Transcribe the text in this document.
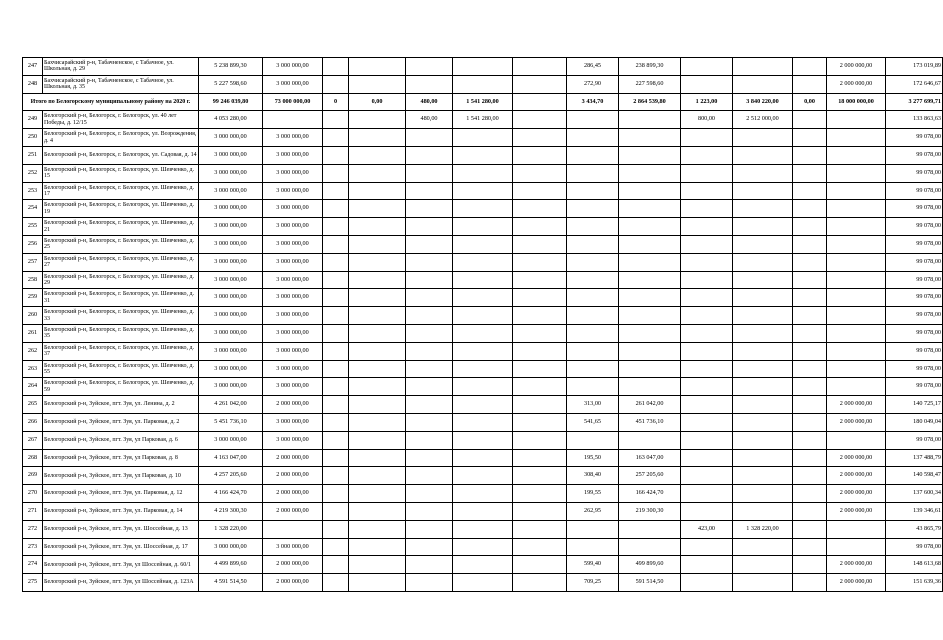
247	Бахчисарайский р-н, Табачненское, с Табачное, ул. Школьная, д. 29	5 238 899,30	3 000 000,00						286,45	238 899,30				2 000 000,00	173 019,89
248	Бахчисарайский р-н, Табачненское, с Табачное, ул. Школьная, д. 35	5 227 598,60	3 000 000,00						272,90	227 598,60				2 000 000,00	172 646,67
Итого по Белогорскому муниципальному району на 2020 г.		99 246 039,80	73 000 000,00	0	0,00	480,00	1 541 280,00		3 434,70	2 864 539,80	1 223,00	3 840 220,00	0,00	18 000 000,00	3 277 699,71
249	Белогорский р-н, Белогорск, г. Белогорск, ул. 40 лет Победы, д. 12/15	4 053 280,00				480,00	1 541 280,00				800,00	2 512 000,00			133 863,63
250	Белогорский р-н, Белогорск, г. Белогорск, ул. Возрождения, д. 4	3 000 000,00	3 000 000,00												99 078,00
251	Белогорский р-н, Белогорск, г. Белогорск, ул. Садовая, д. 14	3 000 000,00	3 000 000,00												99 078,00
252	Белогорский р-н, Белогорск, г. Белогорск, ул. Шевченко, д. 15	3 000 000,00	3 000 000,00												99 078,00
253	Белогорский р-н, Белогорск, г. Белогорск, ул. Шевченко, д. 17	3 000 000,00	3 000 000,00												99 078,00
254	Белогорский р-н, Белогорск, г. Белогорск, ул. Шевченко, д. 19	3 000 000,00	3 000 000,00												99 078,00
255	Белогорский р-н, Белогорск, г. Белогорск, ул. Шевченко, д. 21	3 000 000,00	3 000 000,00												99 078,00
256	Белогорский р-н, Белогорск, г. Белогорск, ул. Шевченко, д. 25	3 000 000,00	3 000 000,00												99 078,00
257	Белогорский р-н, Белогорск, г. Белогорск, ул. Шевченко, д. 27	3 000 000,00	3 000 000,00												99 078,00
258	Белогорский р-н, Белогорск, г. Белогорск, ул. Шевченко, д. 29	3 000 000,00	3 000 000,00												99 078,00
259	Белогорский р-н, Белогорск, г. Белогорск, ул. Шевченко, д. 31	3 000 000,00	3 000 000,00												99 078,00
260	Белогорский р-н, Белогорск, г. Белогорск, ул. Шевченко, д. 33	3 000 000,00	3 000 000,00												99 078,00
261	Белогорский р-н, Белогорск, г. Белогорск, ул. Шевченко, д. 35	3 000 000,00	3 000 000,00												99 078,00
262	Белогорский р-н, Белогорск, г. Белогорск, ул. Шевченко, д. 37	3 000 000,00	3 000 000,00												99 078,00
263	Белогорский р-н, Белогорск, г. Белогорск, ул. Шевченко, д. 55	3 000 000,00	3 000 000,00												99 078,00
264	Белогорский р-н, Белогорск, г. Белогорск, ул. Шевченко, д. 59	3 000 000,00	3 000 000,00												99 078,00
265	Белогорский р-н, Зуйское, пгт. Зуя, ул. Ленина, д. 2	4 261 042,00	2 000 000,00						313,00	261 042,00				2 000 000,00	140 725,17
266	Белогорский р-н, Зуйское, пгт. Зуя, ул. Парковая, д. 2	5 451 736,10	3 000 000,00						541,65	451 736,10				2 000 000,00	180 049,04
267	Белогорский р-н, Зуйское, пгт. Зуя, ул Парковая, д. 6	3 000 000,00	3 000 000,00												99 078,00
268	Белогорский р-н, Зуйское, пгт. Зуя, ул Парковая, д. 8	4 163 047,00	2 000 000,00						195,50	163 047,00				2 000 000,00	137 488,79
269	Белогорский р-н, Зуйское, пгт. Зуя, ул Парковая, д. 10	4 257 205,60	2 000 000,00						308,40	257 205,60				2 000 000,00	140 598,47
270	Белогорский р-н, Зуйское, пгт. Зуя, ул. Парковая, д. 12	4 166 424,70	2 000 000,00						199,55	166 424,70				2 000 000,00	137 600,34
271	Белогорский р-н, Зуйское, пгт. Зуя, ул. Парковая, д. 14	4 219 300,30	2 000 000,00						262,95	219 300,30				2 000 000,00	139 346,61
272	Белогорский р-н, Зуйское, пгт. Зуя, ул. Шоссейная, д. 13	1 328 220,00									423,00	1 328 220,00			43 865,79
273	Белогорский р-н, Зуйское, пгт. Зуя, ул. Шоссейная, д. 17	3 000 000,00	3 000 000,00												99 078,00
274	Белогорский р-н, Зуйское, пгт. Зуя, ул Шоссейная, д. 60/1	4 499 899,60	2 000 000,00						599,40	499 899,60				2 000 000,00	148 613,68
275	Белогорский р-н, Зуйское, пгт. Зуя, ул Шоссейная, д. 123А	4 591 514,50	2 000 000,00						709,25	591 514,50				2 000 000,00	151 639,36
